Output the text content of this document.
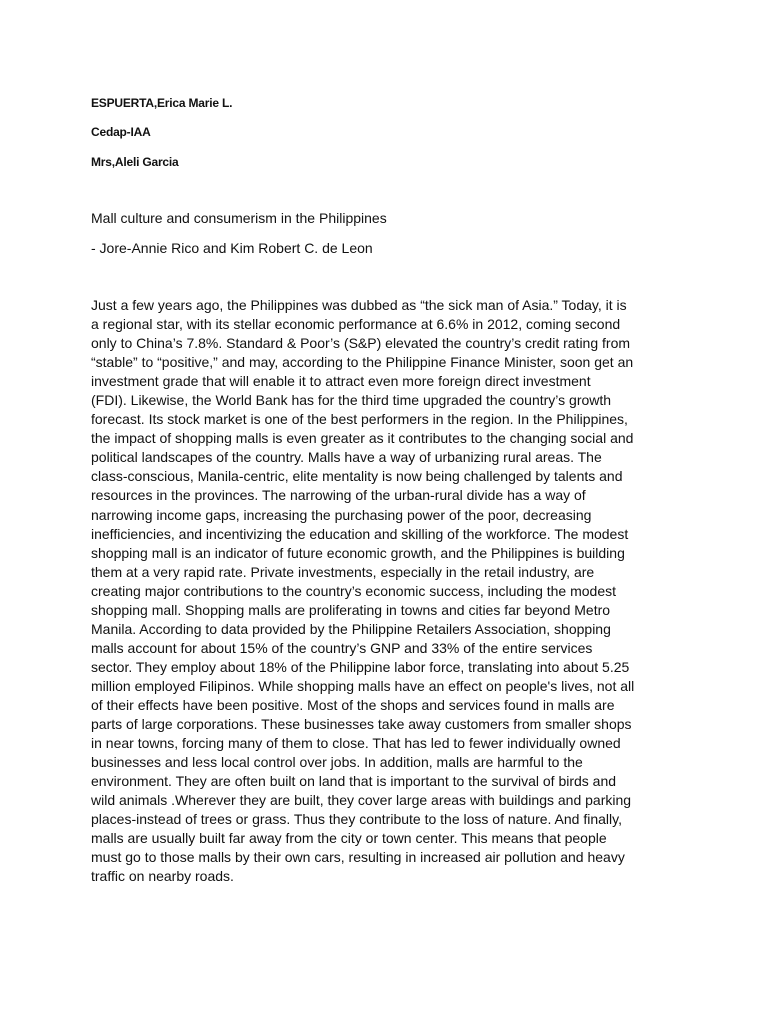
ESPUERTA,Erica Marie L.
Cedap-IAA
Mrs,Aleli Garcia
Mall culture and consumerism in the Philippines
- Jore-Annie Rico and Kim Robert C. de Leon
Just a few years ago, the Philippines was dubbed as “the sick man of Asia.” Today, it is
a regional star, with its stellar economic performance at 6.6% in 2012, coming second
only to China’s 7.8%. Standard & Poor’s (S&P) elevated the country’s credit rating from
“stable” to “positive,” and may, according to the Philippine Finance Minister, soon get an
investment grade that will enable it to attract even more foreign direct investment
(FDI). Likewise, the World Bank has for the third time upgraded the country’s growth
forecast. Its stock market is one of the best performers in the region. In the Philippines,
the impact of shopping malls is even greater as it contributes to the changing social and
political landscapes of the country. Malls have a way of urbanizing rural areas. The
class-conscious, Manila-centric, elite mentality is now being challenged by talents and
resources in the provinces. The narrowing of the urban-rural divide has a way of
narrowing income gaps, increasing the purchasing power of the poor, decreasing
inefficiencies, and incentivizing the education and skilling of the workforce. The modest
shopping mall is an indicator of future economic growth, and the Philippines is building
them at a very rapid rate. Private investments, especially in the retail industry, are
creating major contributions to the country’s economic success, including the modest
shopping mall. Shopping malls are proliferating in towns and cities far beyond Metro
Manila. According to data provided by the Philippine Retailers Association, shopping
malls account for about 15% of the country’s GNP and 33% of the entire services
sector. They employ about 18% of the Philippine labor force, translating into about 5.25
million employed Filipinos. While shopping malls have an effect on people's lives, not all
of their effects have been positive. Most of the shops and services found in malls are
parts of large corporations. These businesses take away customers from smaller shops
in near towns, forcing many of them to close. That has led to fewer individually owned
businesses and less local control over jobs. In addition, malls are harmful to the
environment. They are often built on land that is important to the survival of birds and
wild animals .Wherever they are built, they cover large areas with buildings and parking
places-instead of trees or grass. Thus they contribute to the loss of nature. And finally,
malls are usually built far away from the city or town center. This means that people
must go to those malls by their own cars, resulting in increased air pollution and heavy
traffic on nearby roads.
